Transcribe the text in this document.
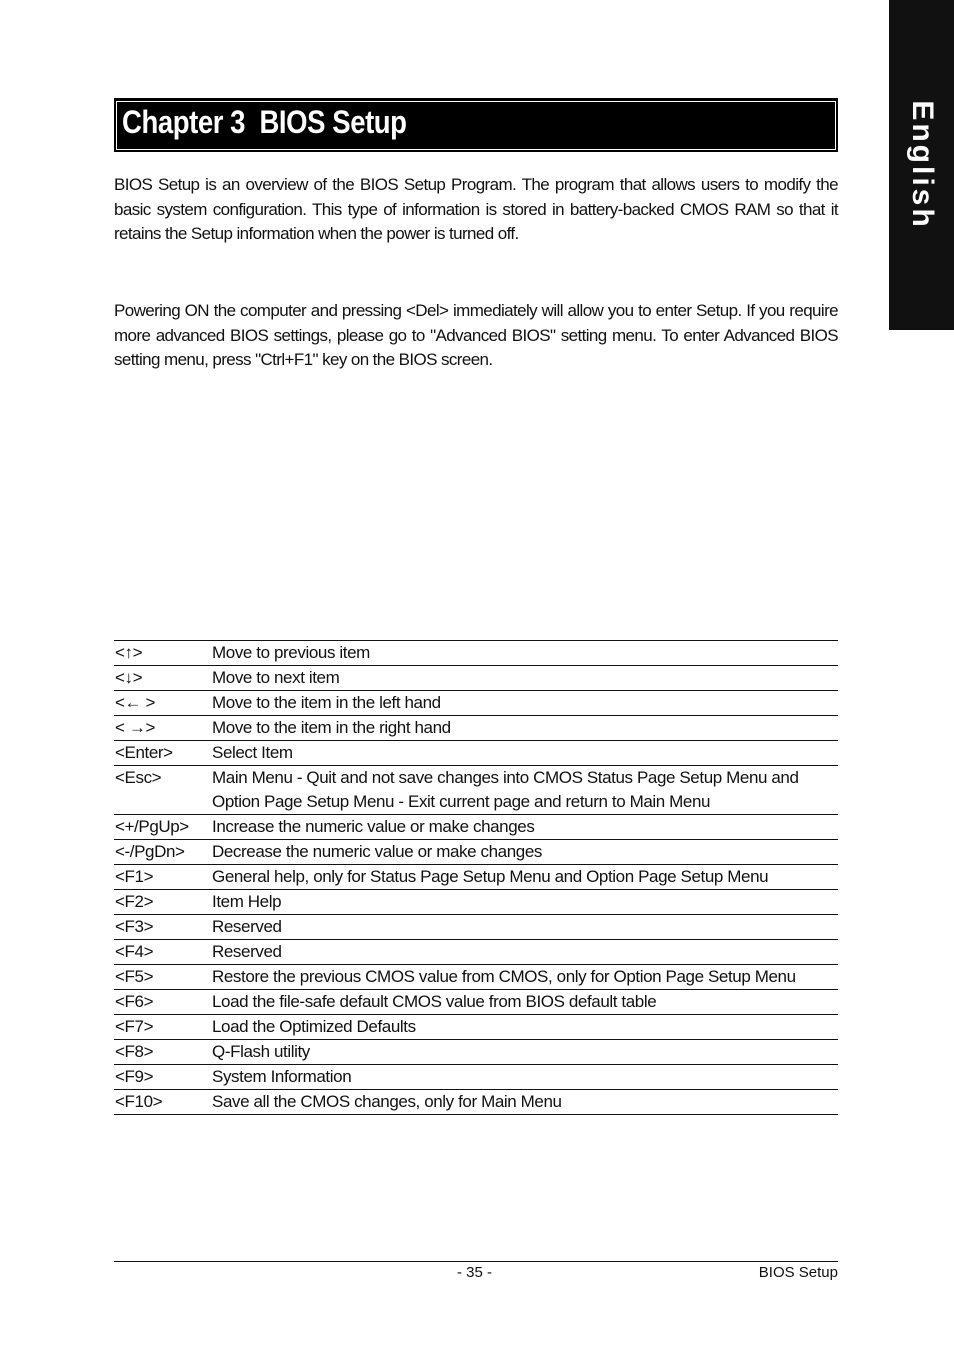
English
Chapter 3  BIOS Setup

BIOS Setup is an overview of the BIOS Setup Program. The program that allows users to modify the basic system configuration. This type of information is stored in battery-backed CMOS RAM so that it retains the Setup information when the power is turned off.

Powering ON the computer and pressing <Del> immediately will allow you to enter Setup. If you require more advanced BIOS settings, please go to "Advanced BIOS" setting menu. To enter Advanced BIOS setting menu, press "Ctrl+F1" key on the BIOS screen.

<↑>	Move to previous item
<↓>	Move to next item
<← >	Move to the item in the left hand
< →>	Move to the item in the right hand
<Enter>	Select Item
<Esc>	Main Menu - Quit and not save changes into CMOS Status Page Setup Menu and Option Page Setup Menu - Exit current page and return to Main Menu
<+/PgUp>	Increase the numeric value or make changes
<-/PgDn>	Decrease the numeric value or make changes
<F1>	General help, only for Status Page Setup Menu and Option Page Setup Menu
<F2>	Item Help
<F3>	Reserved
<F4>	Reserved
<F5>	Restore the previous CMOS value from CMOS, only for Option Page Setup Menu
<F6>	Load the file-safe default CMOS value from BIOS default table
<F7>	Load the Optimized Defaults
<F8>	Q-Flash utility
<F9>	System Information
<F10>	Save all the CMOS changes, only for Main Menu
- 35 -	BIOS Setup
